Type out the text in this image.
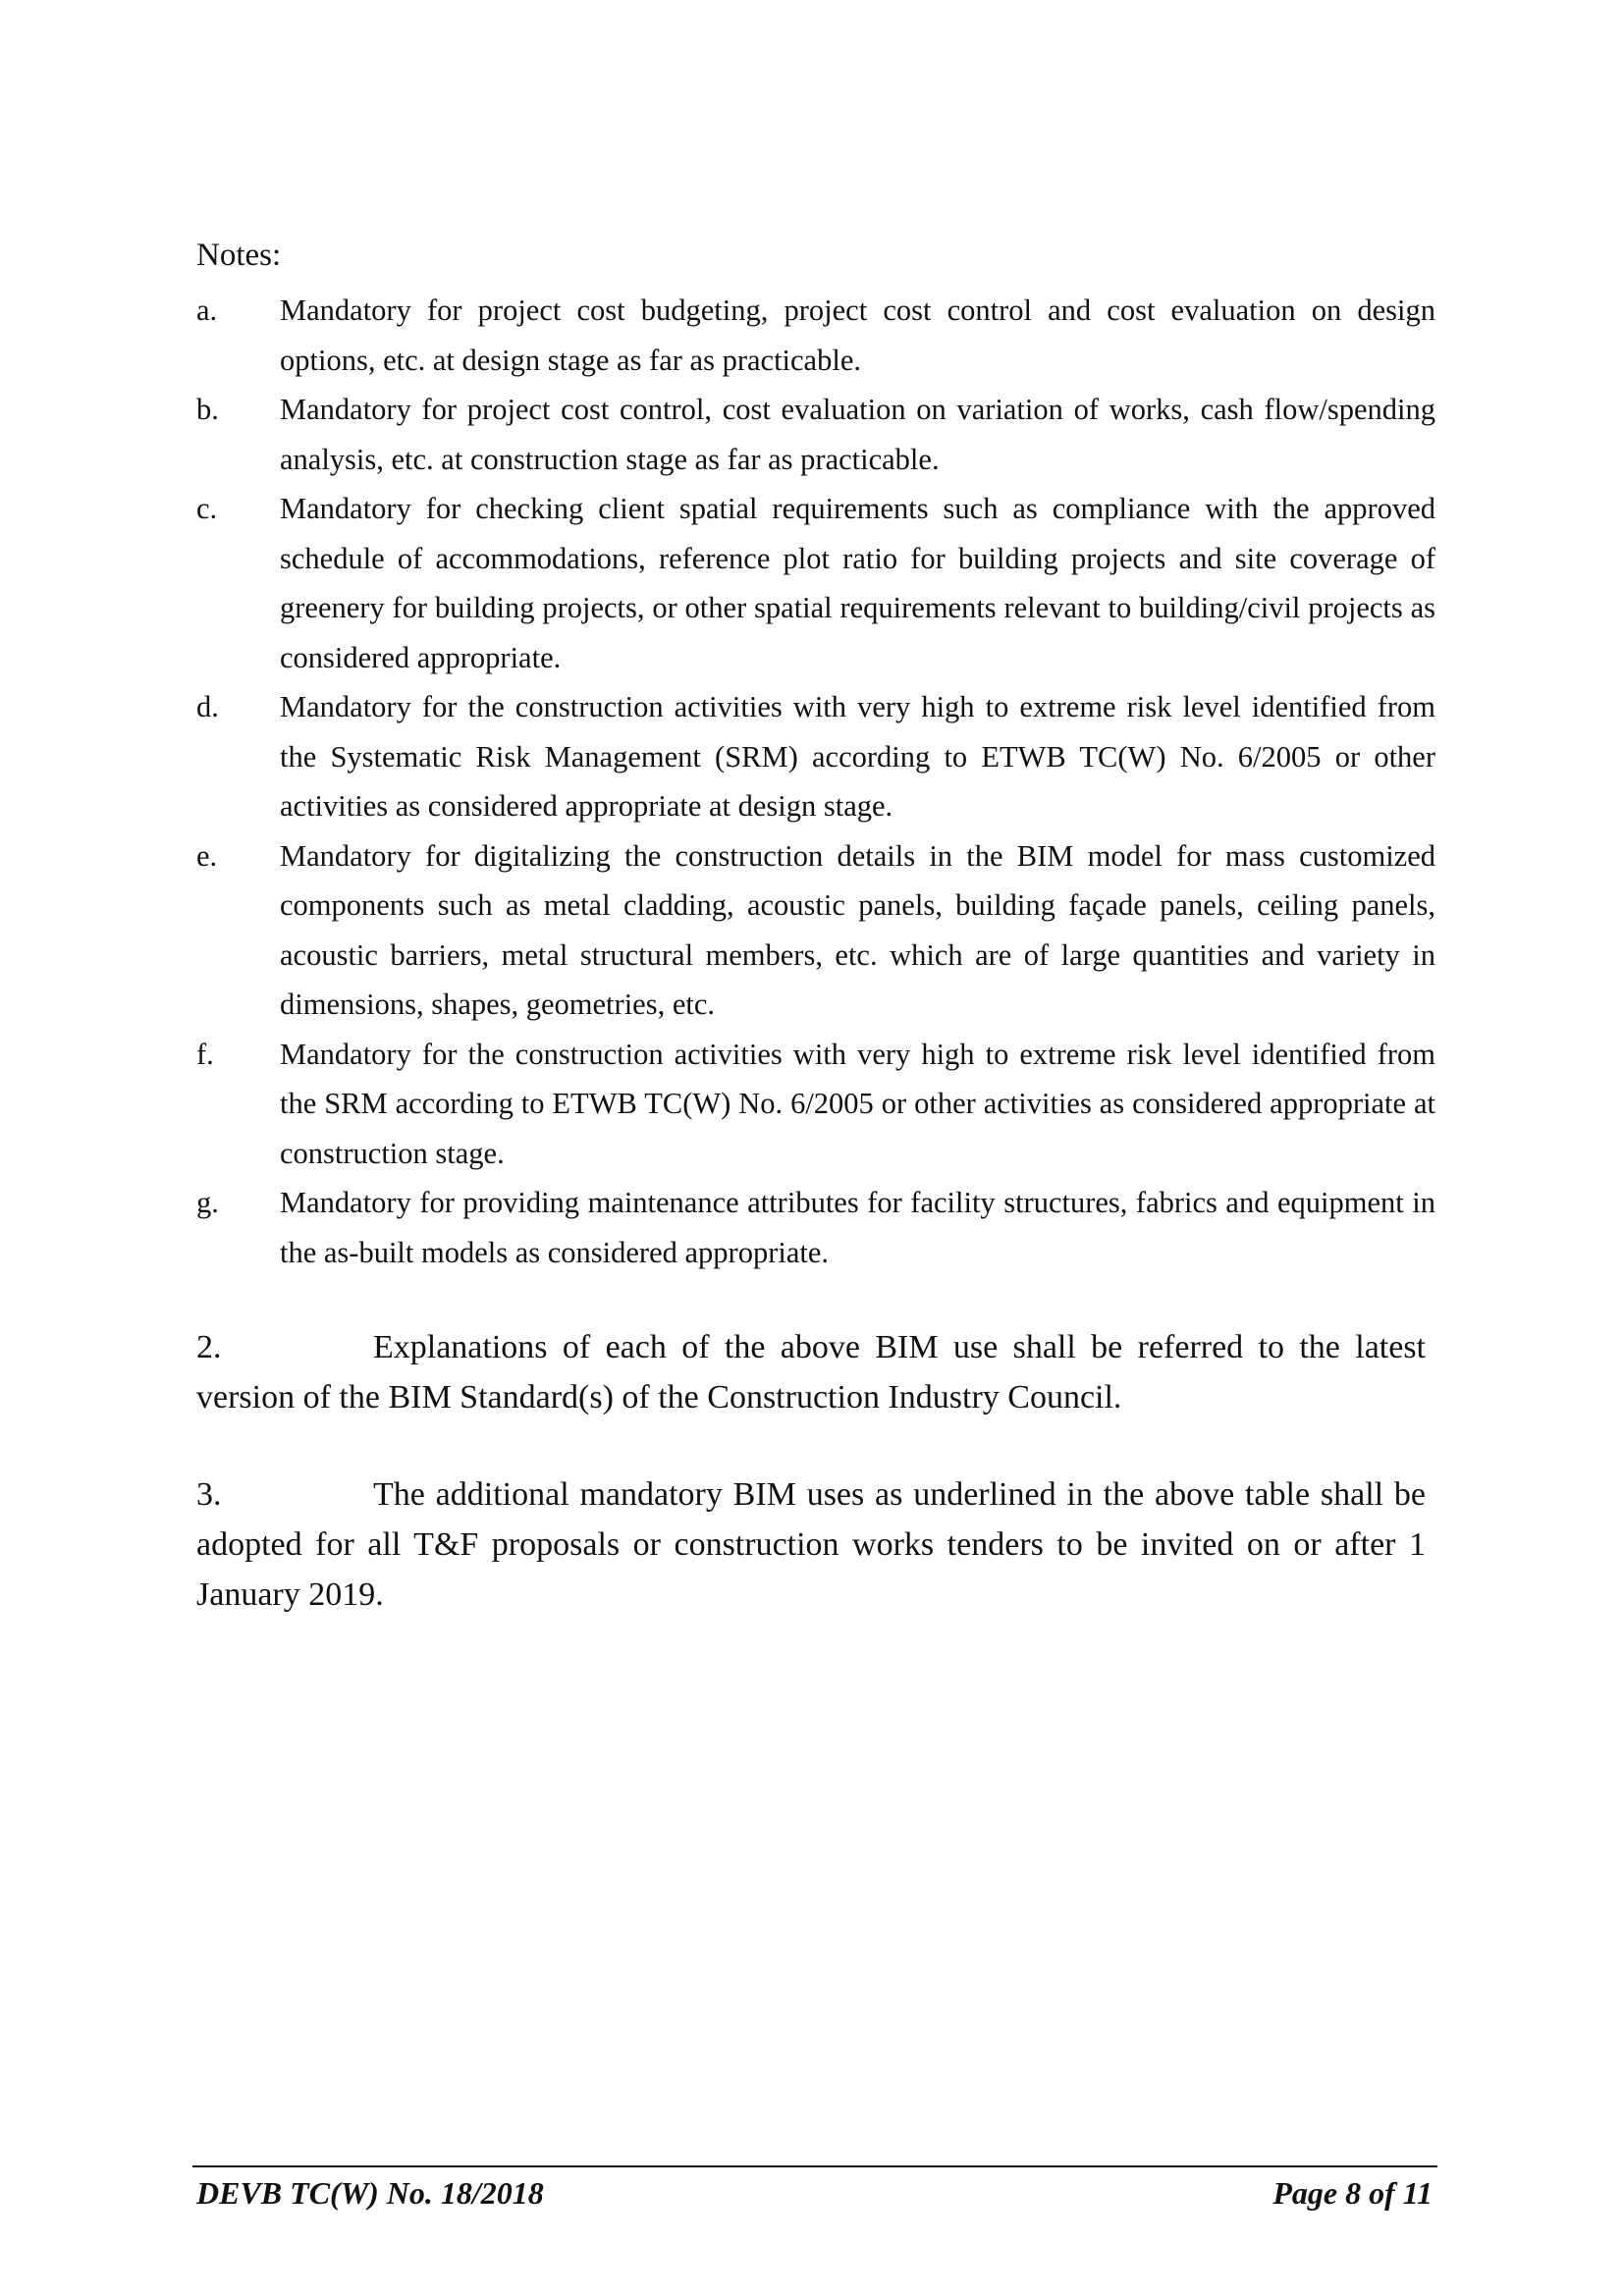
Notes:
a. Mandatory for project cost budgeting, project cost control and cost evaluation on design options, etc. at design stage as far as practicable.
b. Mandatory for project cost control, cost evaluation on variation of works, cash flow/spending analysis, etc. at construction stage as far as practicable.
c. Mandatory for checking client spatial requirements such as compliance with the approved schedule of accommodations, reference plot ratio for building projects and site coverage of greenery for building projects, or other spatial requirements relevant to building/civil projects as considered appropriate.
d. Mandatory for the construction activities with very high to extreme risk level identified from the Systematic Risk Management (SRM) according to ETWB TC(W) No. 6/2005 or other activities as considered appropriate at design stage.
e. Mandatory for digitalizing the construction details in the BIM model for mass customized components such as metal cladding, acoustic panels, building façade panels, ceiling panels, acoustic barriers, metal structural members, etc. which are of large quantities and variety in dimensions, shapes, geometries, etc.
f. Mandatory for the construction activities with very high to extreme risk level identified from the SRM according to ETWB TC(W) No. 6/2005 or other activities as considered appropriate at construction stage.
g. Mandatory for providing maintenance attributes for facility structures, fabrics and equipment in the as-built models as considered appropriate.

2.	Explanations of each of the above BIM use shall be referred to the latest version of the BIM Standard(s) of the Construction Industry Council.

3.	The additional mandatory BIM uses as underlined in the above table shall be adopted for all T&F proposals or construction works tenders to be invited on or after 1 January 2019.

DEVB TC(W) No. 18/2018	Page 8 of 11
